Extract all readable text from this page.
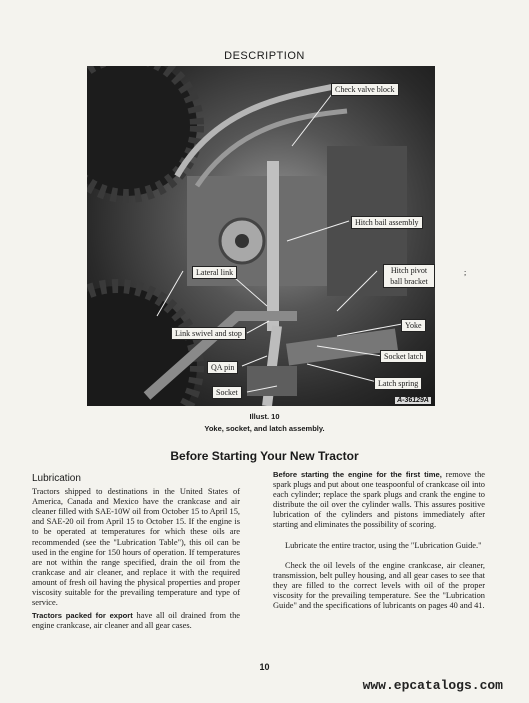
DESCRIPTION
;
Check valve block
Hitch bail assembly
Lateral link	Hitch pivot ball bracket
Yoke
Link swivel and stop
Socket latch
QA pin
Socket
Latch spring
A-36129A
Illust. 10
Yoke, socket, and latch assembly.
Before Starting Your New Tractor

Lubrication

Tractors shipped to destinations in the United States of America, Canada and Mexico have the crankcase and air cleaner filled with SAE-10W oil from October 15 to April 15, and SAE-20 oil from April 15 to October 15. If the engine is to be operated at temperatures for which these oils are recommended (see the "Lubrication Table"), this oil can be used in the engine for 150 hours of operation. If temperatures are not within the range specified, drain the oil from the crankcase and air cleaner, and replace it with the required amount of fresh oil having the physical properties and proper viscosity suitable for the prevailing temperature and type of service.

Tractors packed for export have all oil drained from the engine crankcase, air cleaner and all gear cases.

Before starting the engine for the first time, remove the spark plugs and put about one teaspoonful of crankcase oil into each cylinder; replace the spark plugs and crank the engine to distribute the oil over the cylinder walls. This assures positive lubrication of the cylinders and pistons immediately after starting and eliminates the possibility of scoring.

Lubricate the entire tractor, using the "Lubrication Guide."

Check the oil levels of the engine crankcase, air cleaner, transmission, belt pulley housing, and all gear cases to see that they are filled to the correct levels with oil of the proper viscosity for the prevailing temperature. See the "Lubrication Guide" and the specifications of lubricants on pages 40 and 41.

10
www.epcatalogs.com
